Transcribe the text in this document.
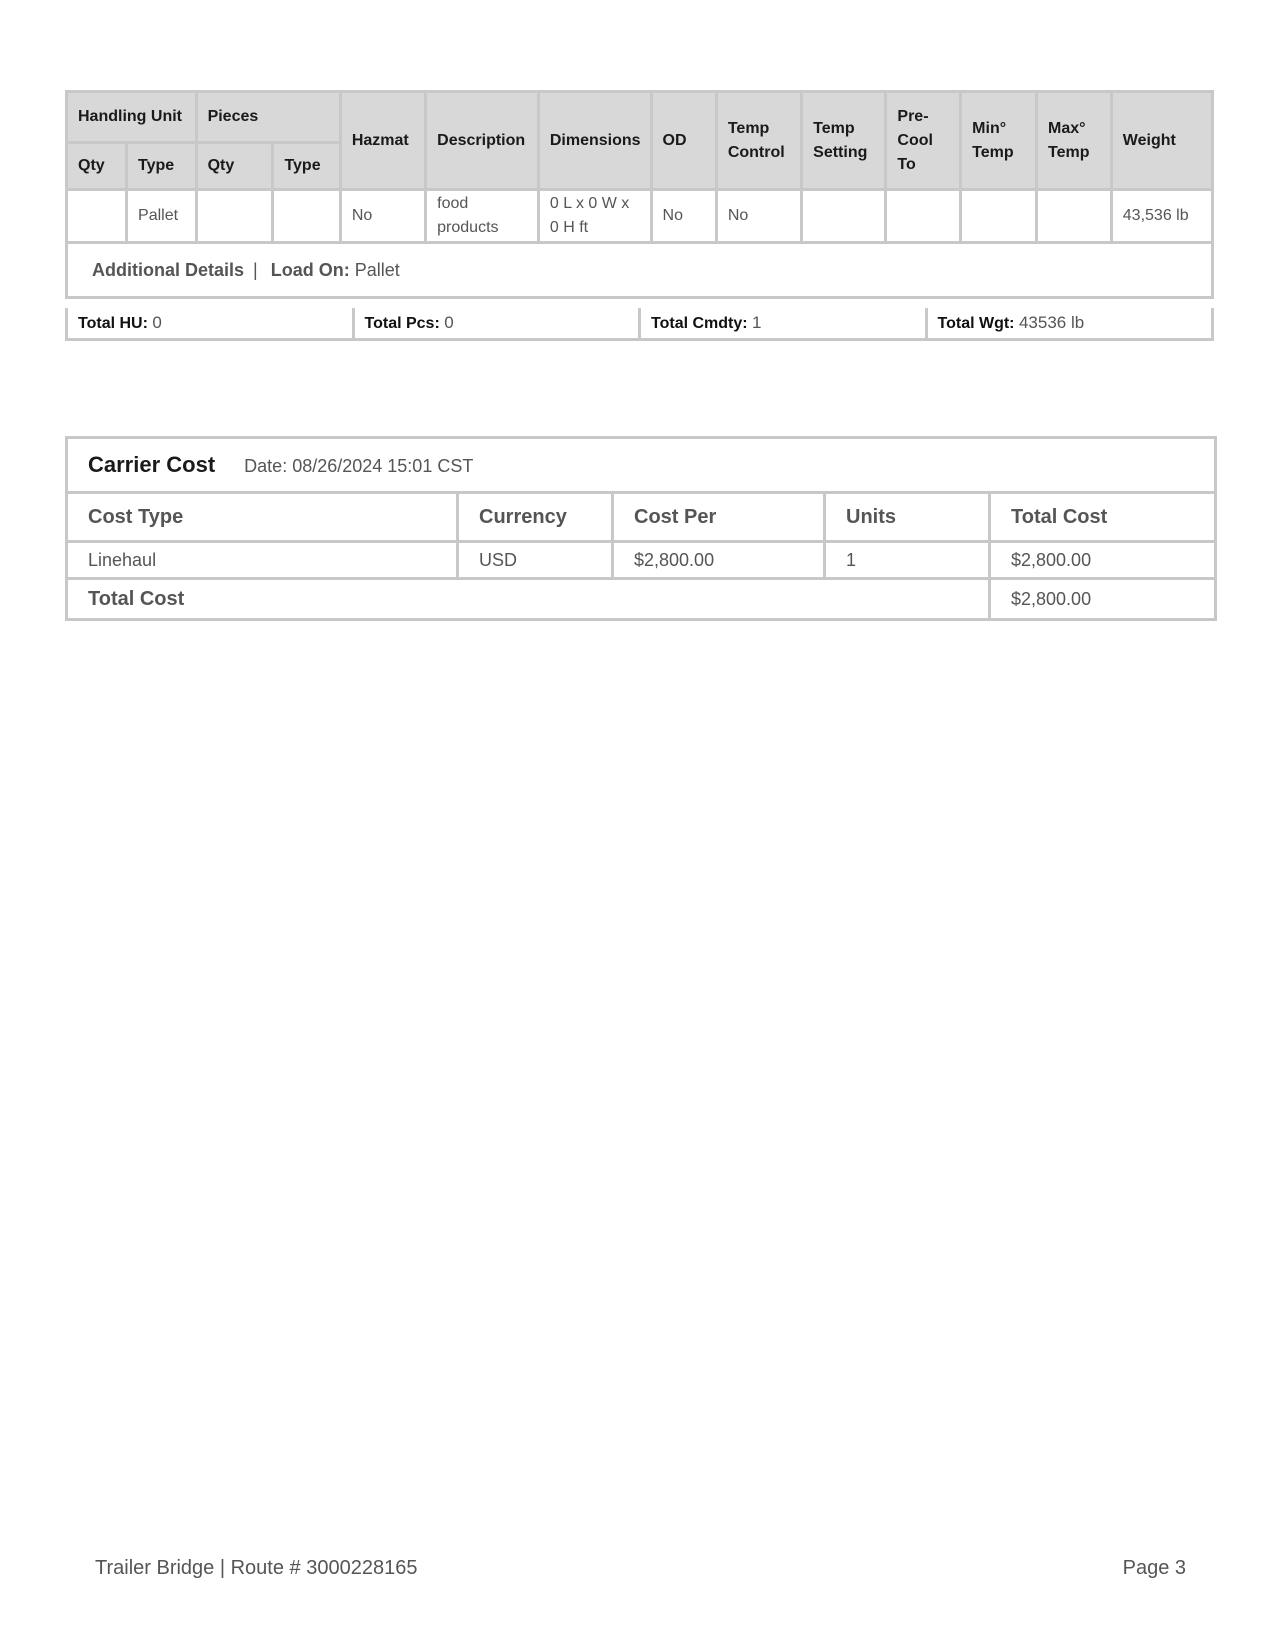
Handling Unit		Pieces		Hazmat	Description	Dimensions	OD	Temp Control	Temp Setting	Pre-Cool To	Min° Temp	Max° Temp	Weight
Qty	Type	Qty	Type										
	Pallet			No	food products	0 L x 0 W x 0 H ft	No	No					43,536 lb
Additional Details | Load On: Pallet													
Total HU: 0	Total Pcs: 0	Total Cmdty: 1	Total Wgt: 43536 lb
Carrier Cost Date: 08/26/2024 15:01 CST				
Cost Type	Currency	Cost Per	Units	Total Cost
Linehaul	USD	$2,800.00	1	$2,800.00
Total Cost				$2,800.00
Trailer Bridge | Route # 3000228165	Page 3
